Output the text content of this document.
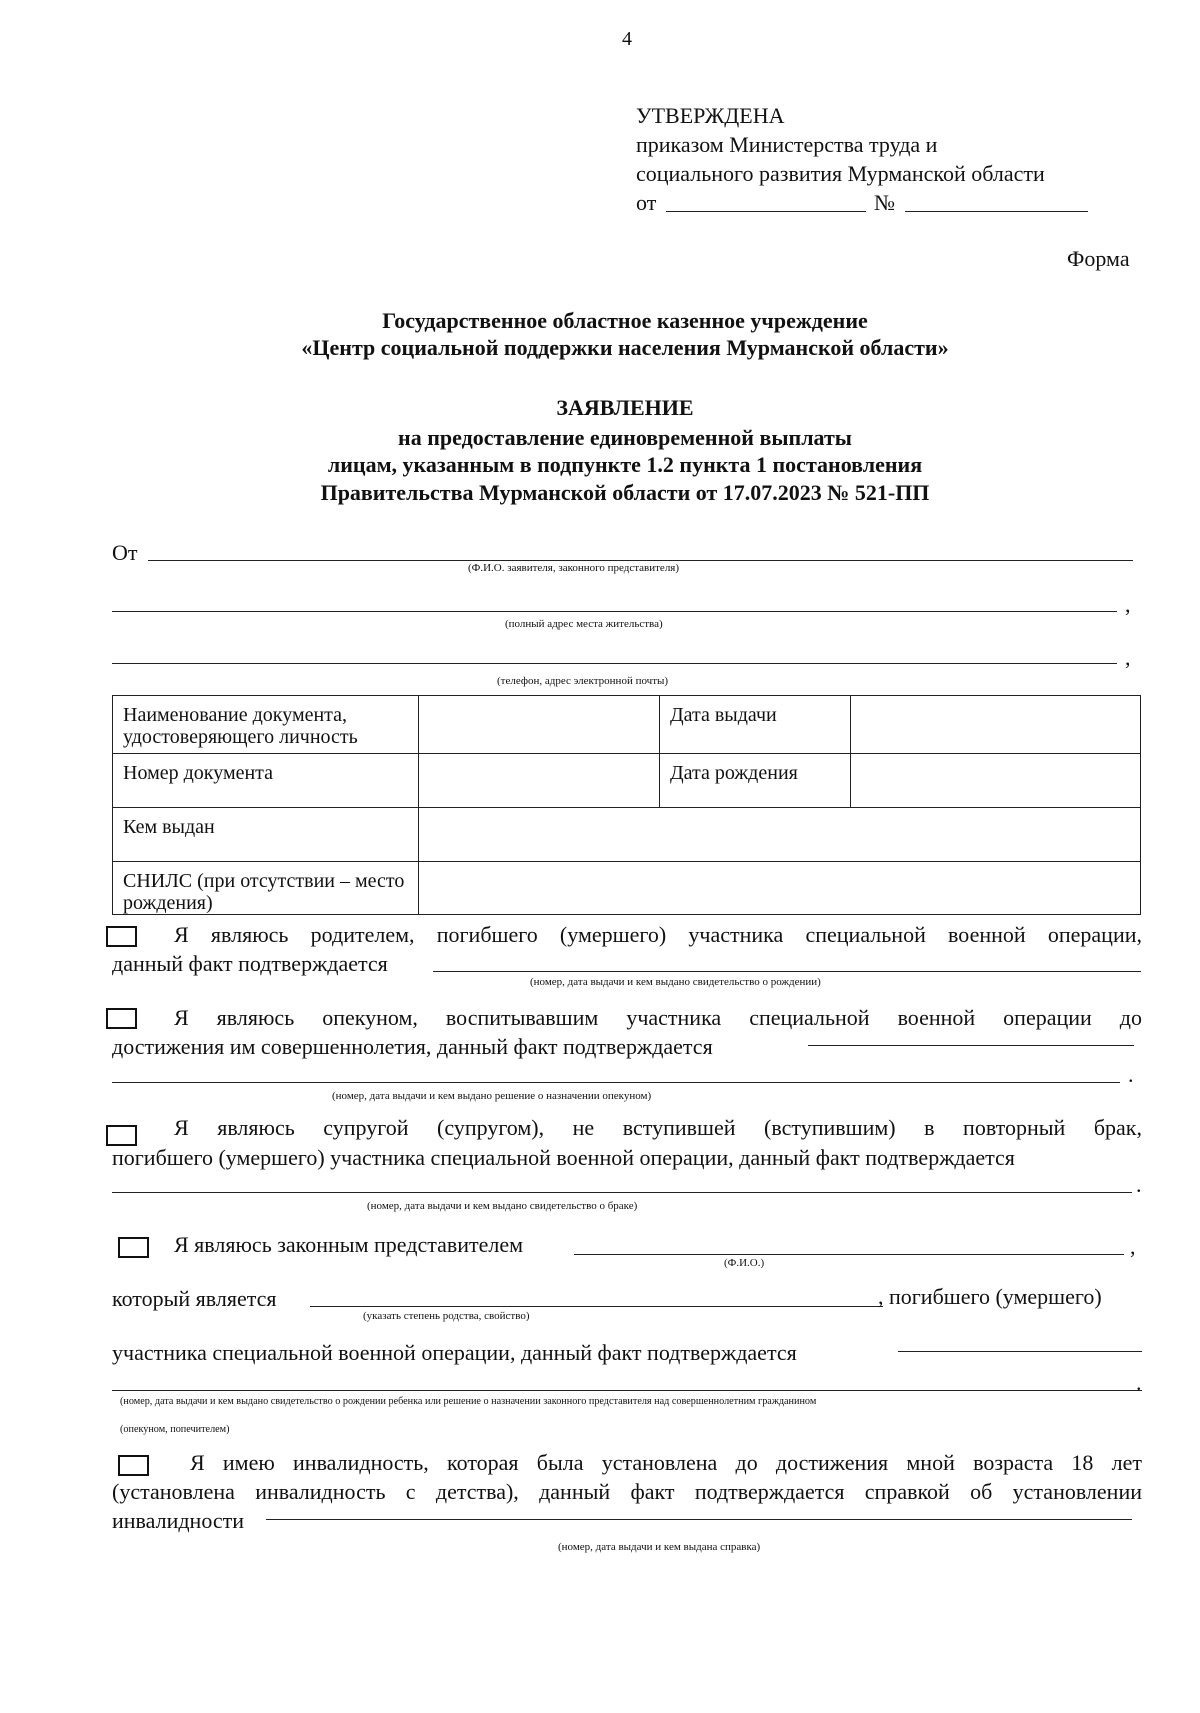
4
УТВЕРЖДЕНА
приказом Министерства труда и
социального развития Мурманской области
от	№
Форма
Государственное областное казенное учреждение
«Центр социальной поддержки населения Мурманской области»
ЗАЯВЛЕНИЕ
на предоставление единовременной выплаты
лицам, указанным в подпункте 1.2 пункта 1 постановления
Правительства Мурманской области от 17.07.2023 № 521-ПП
От
(Ф.И.О. заявителя, законного представителя)
,
(полный адрес места жительства)
,
(телефон, адрес электронной почты)
Наименование документа, удостоверяющего личность		Дата выдачи	
Номер документа		Дата рождения	
Кем выдан			
СНИЛС (при отсутствии – место рождения)			
Я являюсь родителем, погибшего (умершего) участника специальной военной операции,
данный факт подтверждается
(номер, дата выдачи и кем выдано свидетельство о рождении)
Я являюсь опекуном, воспитывавшим участника специальной военной операции до
достижения им совершеннолетия, данный факт подтверждается
.
(номер, дата выдачи и кем выдано решение о назначении опекуном)
Я являюсь супругой (супругом), не вступившей (вступившим) в повторный брак,
погибшего (умершего) участника специальной военной операции, данный факт подтверждается
.
(номер, дата выдачи и кем выдано свидетельство о браке)
Я являюсь законным представителем	,
(Ф.И.О.)
который является	, погибшего (умершего)
(указать степень родства, свойство)
участника специальной военной операции, данный факт подтверждается
.
(номер, дата выдачи и кем выдано свидетельство о рождении ребенка или решение о назначении законного представителя над совершеннолетним гражданином
(опекуном, попечителем)
Я имею инвалидность, которая была установлена до достижения мной возраста 18 лет
(установлена инвалидность с детства), данный факт подтверждается справкой об установлении
инвалидности
(номер, дата выдачи и кем выдана справка)
